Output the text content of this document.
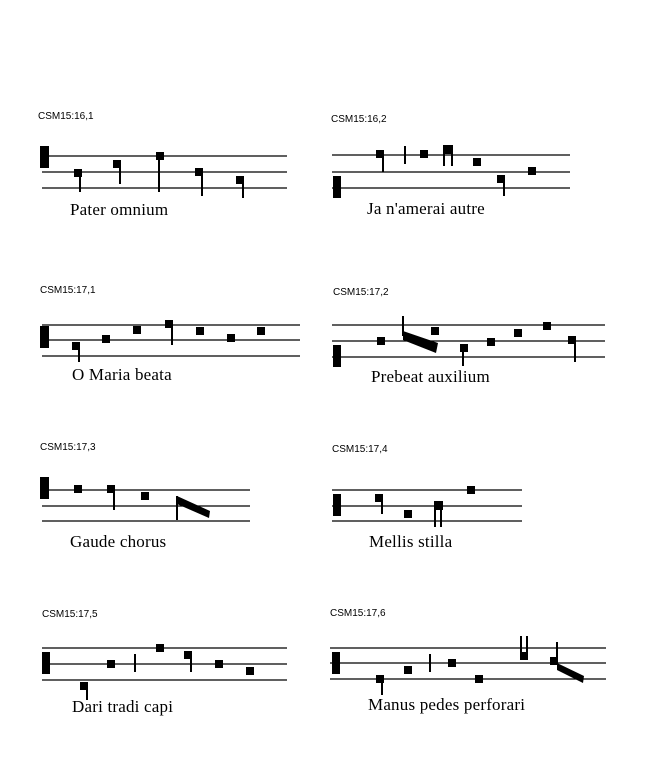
CSM15:16,1
Pater omnium
CSM15:16,2
Ja n'amerai autre
CSM15:17,1
O Maria beata
CSM15:17,2
Prebeat auxilium
CSM15:17,3
Gaude chorus
CSM15:17,4
Mellis stilla
CSM15:17,5
Dari tradi capi
CSM15:17,6
Manus pedes perforari
